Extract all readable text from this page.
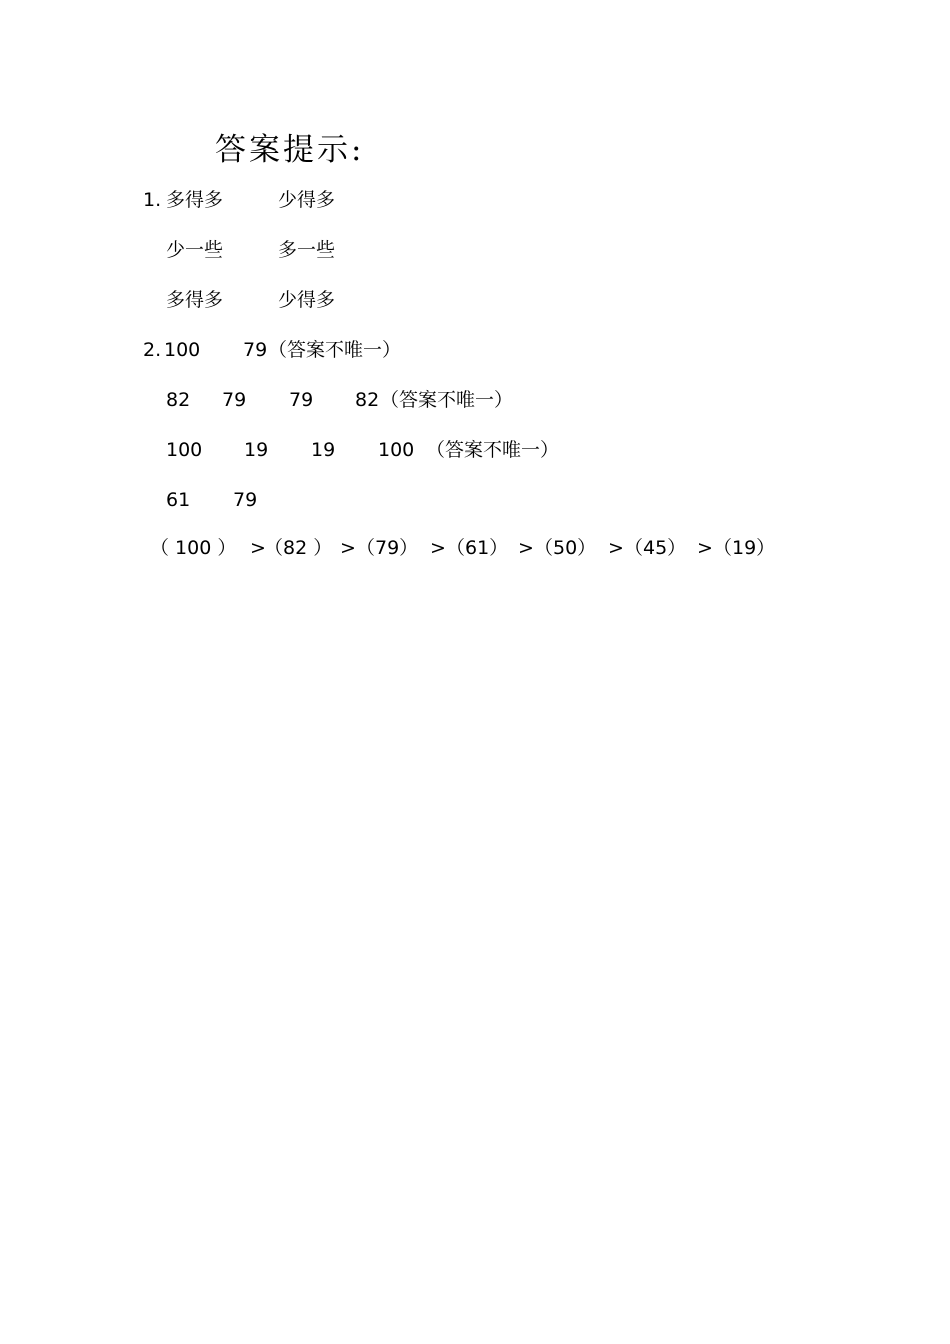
答案提示:
1. 多得多	少得多
少一些	多一些
多得多	少得多
2. 100 79 （答案不唯一）
82 79 79 82 （答案不唯一）
100 19 19 100 （答案不唯一）
61 79
（ 100 ） >
（82 ） > （79） > （61） > （50） > （45） > （19）
